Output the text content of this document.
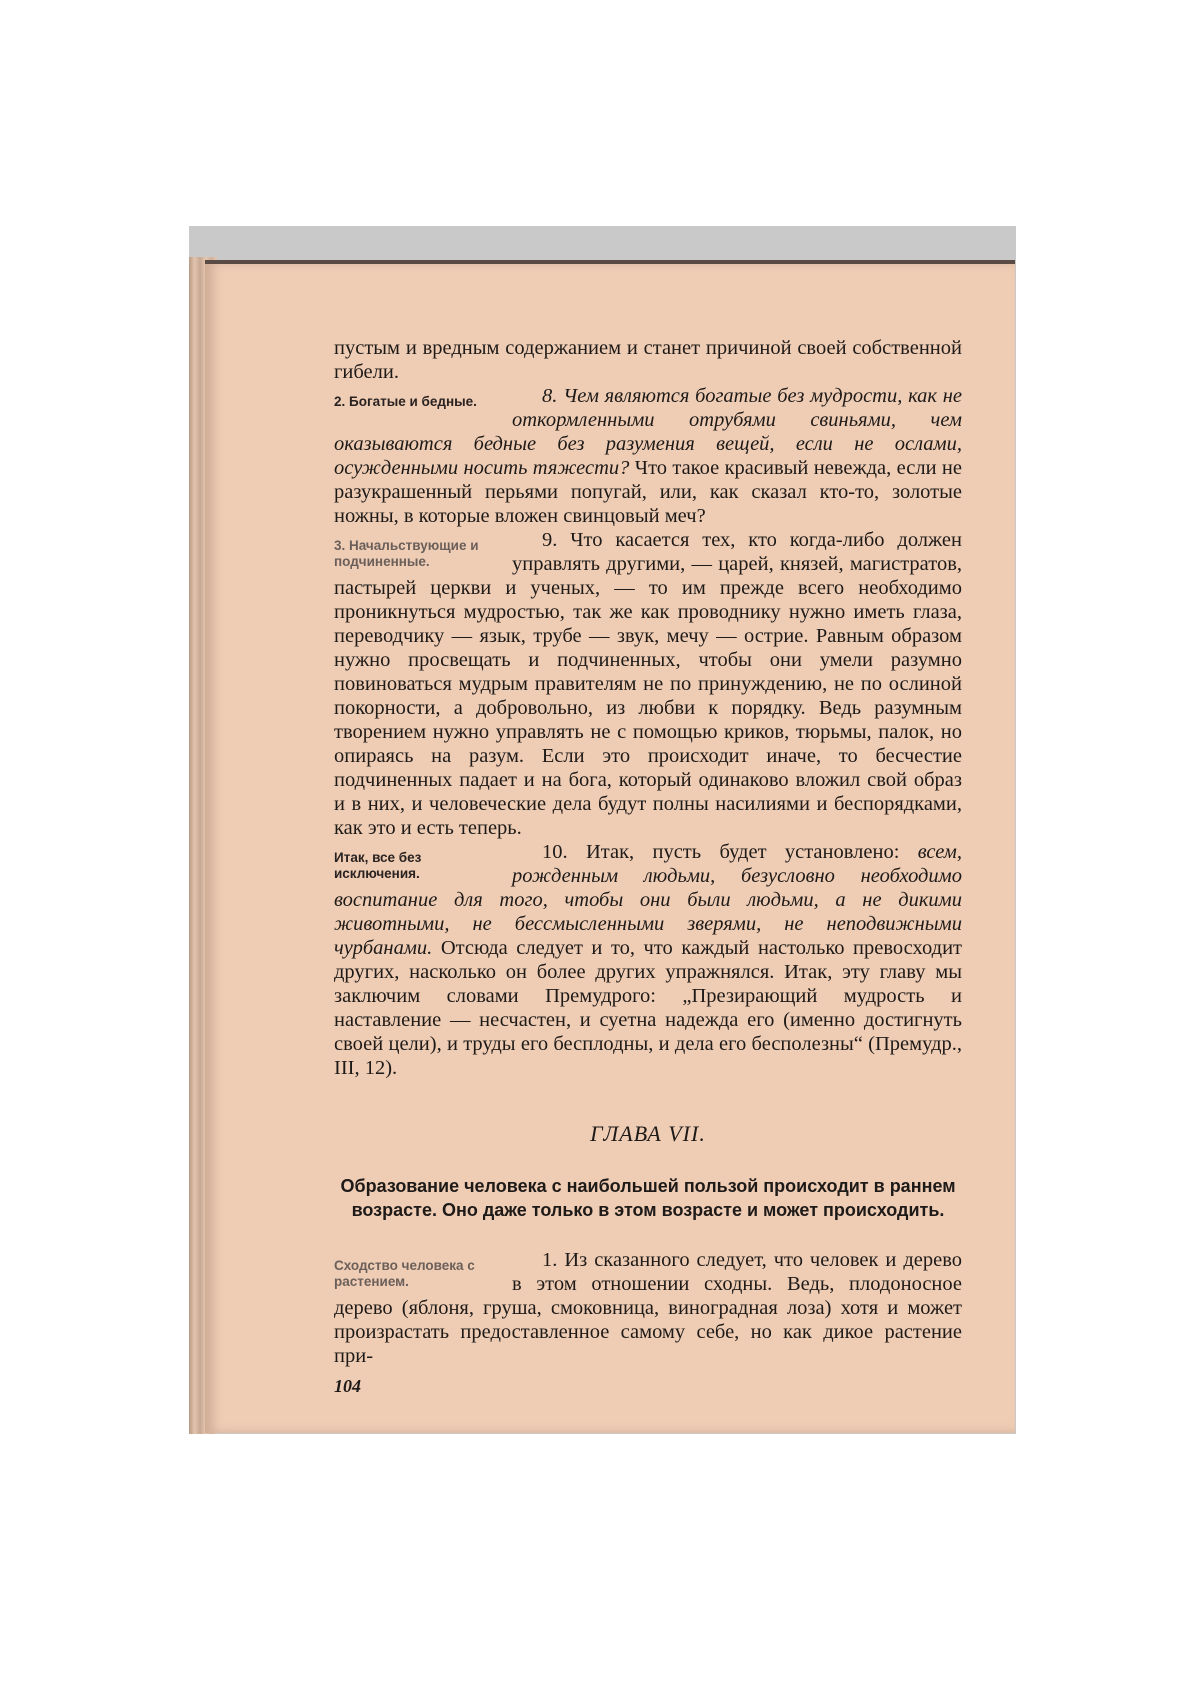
пустым и вредным содержанием и станет причиной своей собственной гибели.

2. Богатые и бедные.	8. Чем являются богатые без мудрости, как не откормленными отрубями свиньями, чем оказываются бедные без разумения вещей, если не ослами, осужденными носить тяжести? Что такое красивый невежда, если не разукрашенный перьями попугай, или, как сказал кто-то, золотые ножны, в которые вложен свинцовый меч?

3. Начальствующие и подчиненные.

9. Что касается тех, кто когда-либо должен управлять другими, — царей, князей, магистратов, пастырей церкви и ученых, — то им прежде всего необходимо проникнуться мудростью, так же как проводнику нужно иметь глаза, переводчику — язык, трубе — звук, мечу — острие. Равным образом нужно просвещать и подчиненных, чтобы они умели разумно повиноваться мудрым правителям не по принуждению, не по ослиной покорности, а добровольно, из любви к порядку. Ведь разумным творением нужно управлять не с помощью криков, тюрьмы, палок, но опираясь на разум. Если это происходит иначе, то бесчестие подчиненных падает и на бога, который одинаково вложил свой образ и в них, и человеческие дела будут полны насилиями и беспорядками, как это и есть теперь.

Итак, все без исключения.

10. Итак, пусть будет установлено: всем, рожденным людьми, безусловно необходимо воспитание для того, чтобы они были людьми, а не дикими животными, не бессмысленными зверями, не неподвижными чурбанами. Отсюда следует и то, что каждый настолько превосходит других, насколько он более других упражнялся. Итак, эту главу мы заключим словами Премудрого: „Презирающий мудрость и наставление — несчастен, и суетна надежда его (именно достигнуть своей цели), и труды его бесплодны, и дела его бесполезны“ (Премудр., III, 12).

ГЛАВА VII.
Образование человека с наибольшей пользой происходит в раннем возрасте. Оно даже только в этом возрасте и может происходить.
Сходство человека с растением.

1. Из сказанного следует, что человек и дерево в этом отношении сходны. Ведь, плодоносное дерево (яблоня, груша, смоковница, виноградная лоза) хотя и может произрастать предоставленное самому себе, но как дикое растение при-

104
